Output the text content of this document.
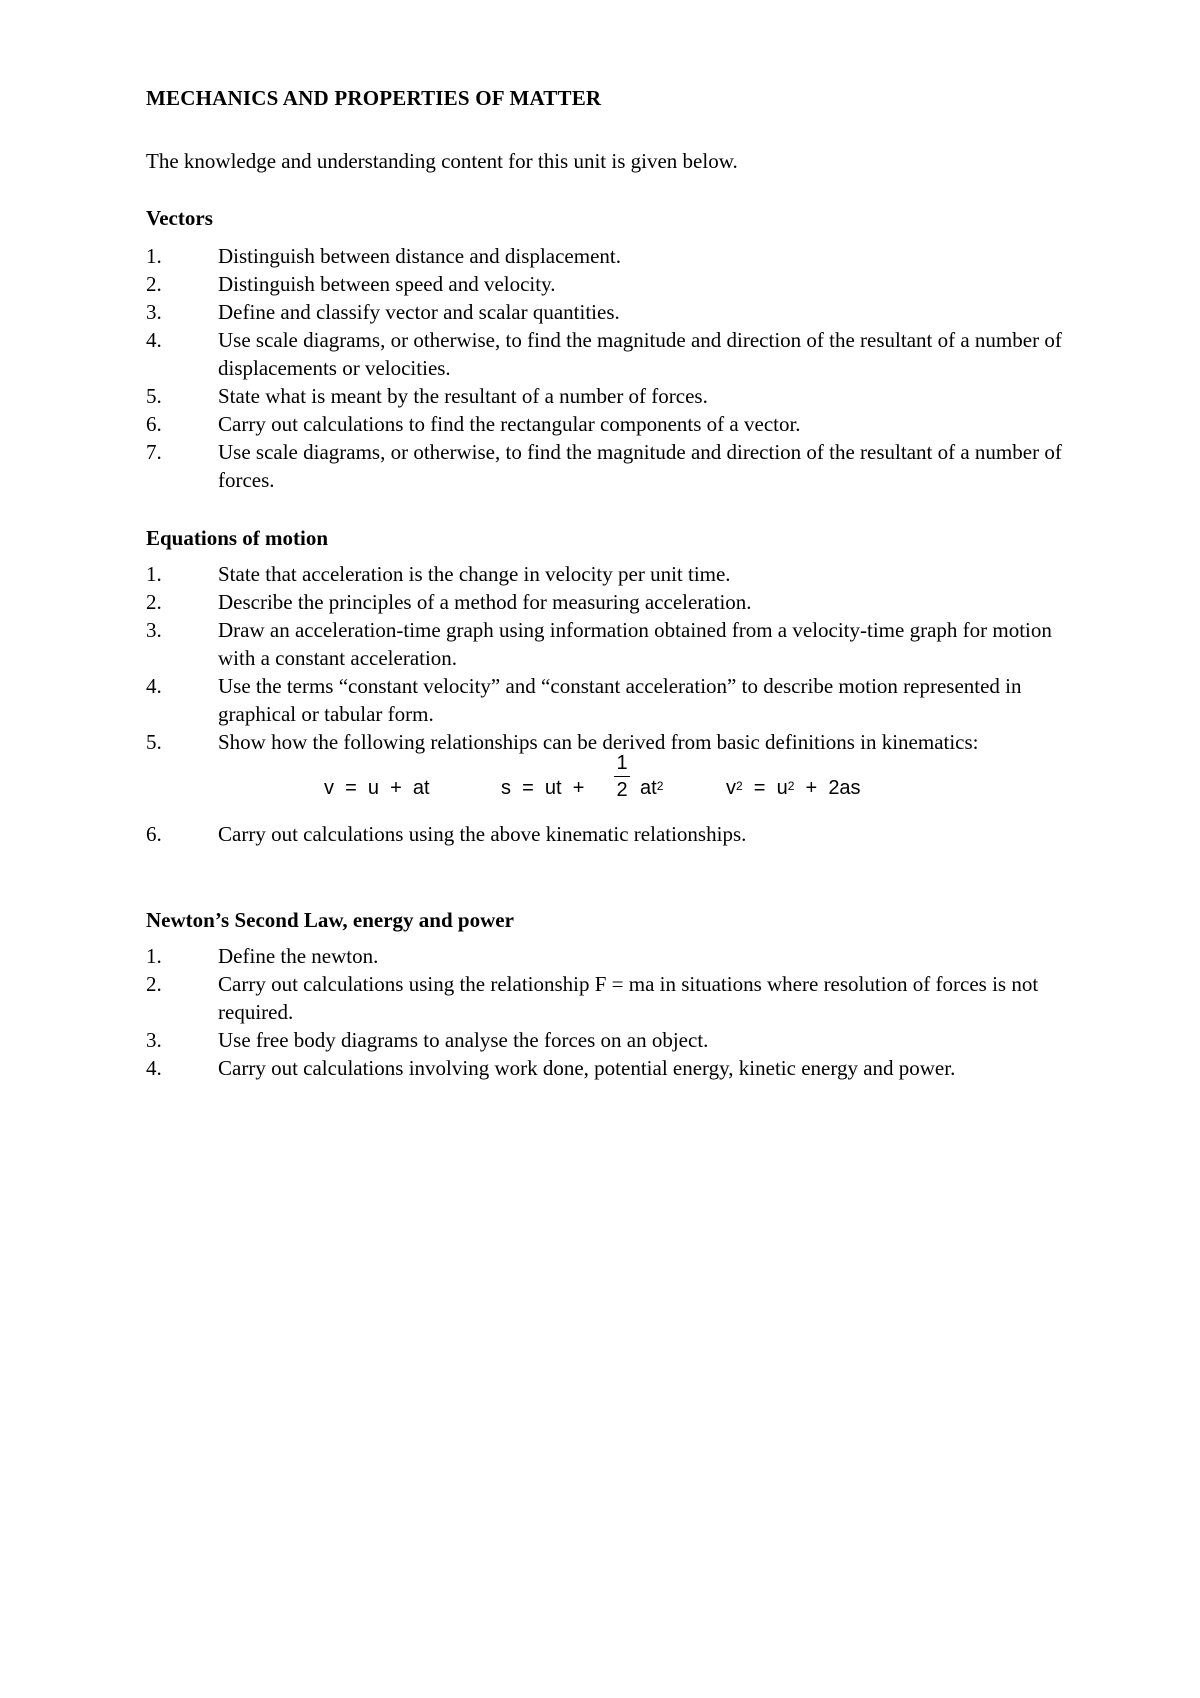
MECHANICS AND PROPERTIES OF MATTER

The knowledge and understanding content for this unit is given below.

Vectors
1.	Distinguish between distance and displacement.
2.	Distinguish between speed and velocity.
3.	Define and classify vector and scalar quantities.
4.	Use scale diagrams, or otherwise, to find the magnitude and direction of the resultant of a number of displacements or velocities.
5.	State what is meant by the resultant of a number of forces.
6.	Carry out calculations to find the rectangular components of a vector.
7.	Use scale diagrams, or otherwise, to find the magnitude and direction of the resultant of a number of forces.
Equations of motion
1.	State that acceleration is the change in velocity per unit time.
2.	Describe the principles of a method for measuring acceleration.
3.	Draw an acceleration-time graph using information obtained from a velocity-time graph for motion with a constant acceleration.
4.	Use the terms “constant velocity” and “constant acceleration” to describe motion represented in graphical or tabular form.
5.	Show how the following relationships can be derived from basic definitions in kinematics:
v  =  u  +  at	s  =  ut  +
1
2 $at^2$	$v^2 = u^2 + 2as$
6.	Carry out calculations using the above kinematic relationships.
Newton’s Second Law, energy and power
1.	Define the newton.
2.	Carry out calculations using the relationship F = ma in situations where resolution of forces is not required.
3.	Use free body diagrams to analyse the forces on an object.
4.	Carry out calculations involving work done, potential energy, kinetic energy and power.
